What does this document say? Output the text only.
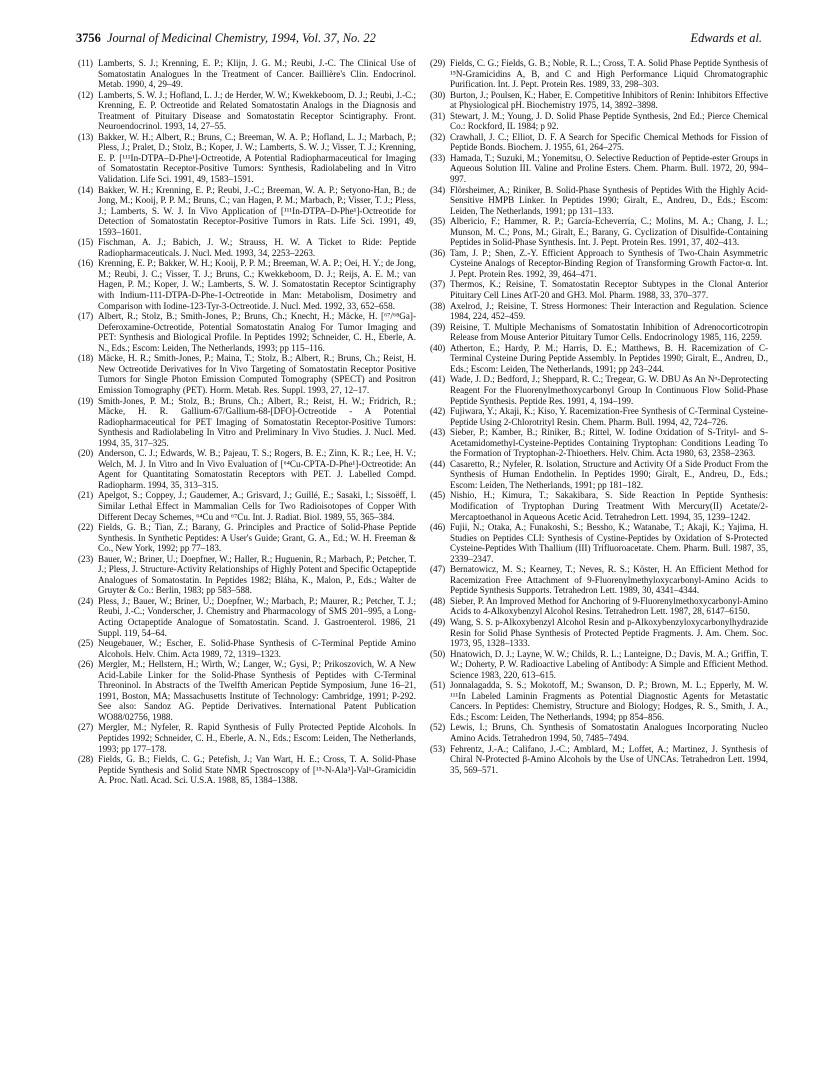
3756 Journal of Medicinal Chemistry, 1994, Vol. 37, No. 22	Edwards et al.
(11) Lamberts, S. J.; Krenning, E. P.; Klijn, J. G. M.; Reubi, J.-C. The Clinical Use of Somatostatin Analogues In the Treatment of Cancer. Baillière's Clin. Endocrinol. Metab. 1990, 4, 29–49.
(12) Lamberts, S. W. J.; Hofland, L. J.; de Herder, W. W.; Kwekkeboom, D. J.; Reubi, J.-C.; Krenning, E. P. Octreotide and Related Somatostatin Analogs in the Diagnosis and Treatment of Pituitary Disease and Somatostatin Receptor Scintigraphy. Front. Neuroendocrinol. 1993, 14, 27–55.
(13) Bakker, W. H.; Albert, R.; Bruns, C.; Breeman, W. A. P.; Hofland, L. J.; Marbach, P.; Pless, J.; Pralet, D.; Stolz, B.; Koper, J. W.; Lamberts, S. W. J.; Visser, T. J.; Krenning, E. P. [¹¹¹In-DTPA–D-Phe¹]-Octreotide, A Potential Radiopharmaceutical for Imaging of Somatostatin Receptor-Positive Tumors: Synthesis, Radiolabeling and In Vitro Validation. Life Sci. 1991, 49, 1583–1591.
(14) Bakker, W. H.; Krenning, E. P.; Reubi, J.-C.; Breeman, W. A. P.; Setyono-Han, B.; de Jong, M.; Kooij, P. P. M.; Bruns, C.; van Hagen, P. M.; Marbach, P.; Visser, T. J.; Pless, J.; Lamberts, S. W. J. In Vivo Application of [¹¹¹In-DTPA–D-Phe¹]-Octreotide for Detection of Somatostatin Receptor-Positive Tumors in Rats. Life Sci. 1991, 49, 1593–1601.
(15) Fischman, A. J.; Babich, J. W.; Strauss, H. W. A Ticket to Ride: Peptide Radiopharmaceuticals. J. Nucl. Med. 1993, 34, 2253–2263.
(16) Krenning, E. P.; Bakker, W. H.; Kooij, P. P. M.; Breeman, W. A. P.; Oei, H. Y.; de Jong, M.; Reubi, J. C.; Visser, T. J.; Bruns, C.; Kwekkeboom, D. J.; Reijs, A. E. M.; van Hagen, P. M.; Koper, J. W.; Lamberts, S. W. J. Somatostatin Receptor Scintigraphy with Indium-111-DTPA-D-Phe-1-Octreotide in Man: Metabolism, Dosimetry and Comparison with Iodine-123-Tyr-3-Octreotide. J. Nucl. Med. 1992, 33, 652–658.
(17) Albert, R.; Stolz, B.; Smith-Jones, P.; Bruns, Ch.; Knecht, H.; Mäcke, H. [⁶⁷/⁶⁸Ga]-Deferoxamine-Octreotide, Potential Somatostatin Analog For Tumor Imaging and PET: Synthesis and Biological Profile. In Peptides 1992; Schneider, C. H., Eberle, A. N., Eds.; Escom: Leiden, The Netherlands, 1993; pp 115–116.
(18) Mäcke, H. R.; Smith-Jones, P.; Maina, T.; Stolz, B.; Albert, R.; Bruns, Ch.; Reist, H. New Octreotide Derivatives for In Vivo Targeting of Somatostatin Receptor Positive Tumors for Single Photon Emission Computed Tomography (SPECT) and Positron Emission Tomography (PET). Horm. Metab. Res. Suppl. 1993, 27, 12–17.
(19) Smith-Jones, P. M.; Stolz, B.; Bruns, Ch.; Albert, R.; Reist, H. W.; Fridrich, R.; Mäcke, H. R. Gallium-67/Gallium-68-[DFO]-Octreotide - A Potential Radiopharmaceutical for PET Imaging of Somatostatin Receptor-Positive Tumors: Synthesis and Radiolabeling In Vitro and Preliminary In Vivo Studies. J. Nucl. Med. 1994, 35, 317–325.
(20) Anderson, C. J.; Edwards, W. B.; Pajeau, T. S.; Rogers, B. E.; Zinn, K. R.; Lee, H. V.; Welch, M. J. In Vitro and In Vivo Evaluation of [⁶⁴Cu-CPTA-D-Phe¹]-Octreotide: An Agent for Quantitating Somatostatin Receptors with PET. J. Labelled Compd. Radiopharm. 1994, 35, 313–315.
(21) Apelgot, S.; Coppey, J.; Gaudemer, A.; Grisvard, J.; Guillé, E.; Sasaki, I.; Sissoëff, I. Similar Lethal Effect in Mammalian Cells for Two Radioisotopes of Copper With Different Decay Schemes, ⁶⁴Cu and ⁶⁷Cu. Int. J. Radiat. Biol. 1989, 55, 365–384.
(22) Fields, G. B.; Tian, Z.; Barany, G. Principles and Practice of Solid-Phase Peptide Synthesis. In Synthetic Peptides: A User's Guide; Grant, G. A., Ed.; W. H. Freeman & Co., New York, 1992; pp 77–183.
(23) Bauer, W.; Briner, U.; Doepfner, W.; Haller, R.; Huguenin, R.; Marbach, P.; Petcher, T. J.; Pless, J. Structure-Activity Relationships of Highly Potent and Specific Octapeptide Analogues of Somatostatin. In Peptides 1982; Bláha, K., Malon, P., Eds.; Walter de Gruyter & Co.: Berlin, 1983; pp 583–588.
(24) Pless, J.; Bauer, W.; Briner, U.; Doepfner, W.; Marbach, P.; Maurer, R.; Petcher, T. J.; Reubi, J.-C.; Vonderscher, J. Chemistry and Pharmacology of SMS 201–995, a Long-Acting Octapeptide Analogue of Somatostatin. Scand. J. Gastroenterol. 1986, 21 Suppl. 119, 54–64.
(25) Neugebauer, W.; Escher, E. Solid-Phase Synthesis of C-Terminal Peptide Amino Alcohols. Helv. Chim. Acta 1989, 72, 1319–1323.
(26) Mergler, M.; Hellstern, H.; Wirth, W.; Langer, W.; Gysi, P.; Prikoszovich, W. A New Acid-Labile Linker for the Solid-Phase Synthesis of Peptides with C-Terminal Threoninol. In Abstracts of the Twelfth American Peptide Symposium, June 16–21, 1991, Boston, MA; Massachusetts Institute of Technology: Cambridge, 1991; P-292. See also: Sandoz AG. Peptide Derivatives. International Patent Publication WO88/02756, 1988.
(27) Mergler, M.; Nyfeler, R. Rapid Synthesis of Fully Protected Peptide Alcohols. In Peptides 1992; Schneider, C. H., Eberle, A. N., Eds.; Escom: Leiden, The Netherlands, 1993; pp 177–178.
(28) Fields, G. B.; Fields, C. G.; Petefish, J.; Van Wart, H. E.; Cross, T. A. Solid-Phase Peptide Synthesis and Solid State NMR Spectroscopy of [¹⁵-N-Ala³]-Val¹-Gramicidin A. Proc. Natl. Acad. Sci. U.S.A. 1988, 85, 1384–1388.
(29) Fields, C. G.; Fields, G. B.; Noble, R. L.; Cross, T. A. Solid Phase Peptide Synthesis of ¹⁵N-Gramicidins A, B, and C and High Performance Liquid Chromatographic Purification. Int. J. Pept. Protein Res. 1989, 33, 298–303.
(30) Burton, J.; Poulsen, K.; Haber, E. Competitive Inhibitors of Renin: Inhibitors Effective at Physiological pH. Biochemistry 1975, 14, 3892–3898.
(31) Stewart, J. M.; Young, J. D. Solid Phase Peptide Synthesis, 2nd Ed.; Pierce Chemical Co.: Rockford, IL 1984; p 92.
(32) Crawhall, J. C.; Elliot, D. F. A Search for Specific Chemical Methods for Fission of Peptide Bonds. Biochem. J. 1955, 61, 264–275.
(33) Hamada, T.; Suzuki, M.; Yonemitsu, O. Selective Reduction of Peptide-ester Groups in Aqueous Solution III. Valine and Proline Esters. Chem. Pharm. Bull. 1972, 20, 994–997.
(34) Flörsheimer, A.; Riniker, B. Solid-Phase Synthesis of Peptides With the Highly Acid-Sensitive HMPB Linker. In Peptides 1990; Giralt, E., Andreu, D., Eds.; Escom: Leiden, The Netherlands, 1991; pp 131–133.
(35) Albericio, F.; Hammer, R. P.; García-Echeverría, C.; Molins, M. A.; Chang, J. L.; Munson, M. C.; Pons, M.; Giralt, E.; Barany, G. Cyclization of Disulfide-Containing Peptides in Solid-Phase Synthesis. Int. J. Pept. Protein Res. 1991, 37, 402–413.
(36) Tam, J. P.; Shen, Z.-Y. Efficient Approach to Synthesis of Two-Chain Asymmetric Cysteine Analogs of Receptor-Binding Region of Transforming Growth Factor-α. Int. J. Pept. Protein Res. 1992, 39, 464–471.
(37) Thermos, K.; Reisine, T. Somatostatin Receptor Subtypes in the Clonal Anterior Pituitary Cell Lines AtT-20 and GH3. Mol. Pharm. 1988, 33, 370–377.
(38) Axelrod, J.; Reisine, T. Stress Hormones: Their Interaction and Regulation. Science 1984, 224, 452–459.
(39) Reisine, T. Multiple Mechanisms of Somatostatin Inhibition of Adrenocorticotropin Release from Mouse Anterior Pituitary Tumor Cells. Endocrinology 1985, 116, 2259.
(40) Atherton, E.; Hardy, P. M.; Harris, D. E.; Matthews, B. H. Racemization of C-Terminal Cysteine During Peptide Assembly. In Peptides 1990; Giralt, E., Andreu, D., Eds.; Escom: Leiden, The Netherlands, 1991; pp 243–244.
(41) Wade, J. D.; Bedford, J.; Sheppard, R. C.; Tregear, G. W. DBU As An Nᵅ-Deprotecting Reagent For the Fluorenylmethoxycarbonyl Group In Continuous Flow Solid-Phase Peptide Synthesis. Peptide Res. 1991, 4, 194–199.
(42) Fujiwara, Y.; Akaji, K.; Kiso, Y. Racemization-Free Synthesis of C-Terminal Cysteine-Peptide Using 2-Chlorotrityl Resin. Chem. Pharm. Bull. 1994, 42, 724–726.
(43) Sieber, P.; Kamber, B.; Riniker, B.; Rittel, W. Iodine Oxidation of S-Trityl- and S-Acetamidomethyl-Cysteine-Peptides Containing Tryptophan: Conditions Leading To the Formation of Tryptophan-2-Thioethers. Helv. Chim. Acta 1980, 63, 2358–2363.
(44) Casaretto, R.; Nyfeler, R. Isolation, Structure and Activity Of a Side Product From the Synthesis of Human Endothelin. In Peptides 1990; Giralt, E., Andreu, D., Eds.; Escom: Leiden, The Netherlands, 1991; pp 181–182.
(45) Nishio, H.; Kimura, T.; Sakakibara, S. Side Reaction In Peptide Synthesis: Modification of Tryptophan During Treatment With Mercury(II) Acetate/2-Mercaptoethanol in Aqueous Acetic Acid. Tetrahedron Lett. 1994, 35, 1239–1242.
(46) Fujii, N.; Otaka, A.; Funakoshi, S.; Bessho, K.; Watanabe, T.; Akaji, K.; Yajima, H. Studies on Peptides CLI: Synthesis of Cystine-Peptides by Oxidation of S-Protected Cysteine-Peptides With Thallium (III) Trifluoroacetate. Chem. Pharm. Bull. 1987, 35, 2339–2347.
(47) Bernatowicz, M. S.; Kearney, T.; Neves, R. S.; Köster, H. An Efficient Method for Racemization Free Attachment of 9-Fluorenylmethyloxycarbonyl-Amino Acids to Peptide Synthesis Supports. Tetrahedron Lett. 1989, 30, 4341–4344.
(48) Sieber, P. An Improved Method for Anchoring of 9-Fluorenylmethoxycarbonyl-Amino Acids to 4-Alkoxybenzyl Alcohol Resins. Tetrahedron Lett. 1987, 28, 6147–6150.
(49) Wang, S. S. p-Alkoxybenzyl Alcohol Resin and p-Alkoxybenzyloxycarbonylhydrazide Resin for Solid Phase Synthesis of Protected Peptide Fragments. J. Am. Chem. Soc. 1973, 95, 1328–1333.
(50) Hnatowich, D. J.; Layne, W. W.; Childs, R. L.; Lanteigne, D.; Davis, M. A.; Griffin, T. W.; Doherty, P. W. Radioactive Labeling of Antibody: A Simple and Efficient Method. Science 1983, 220, 613–615.
(51) Jonnalagadda, S. S.; Mokotoff, M.; Swanson, D. P.; Brown, M. L.; Epperly, M. W. ¹¹¹In Labeled Laminin Fragments as Potential Diagnostic Agents for Metastatic Cancers. In Peptides: Chemistry, Structure and Biology; Hodges, R. S., Smith, J. A., Eds.; Escom: Leiden, The Netherlands, 1994; pp 854–856.
(52) Lewis, I.; Bruns, Ch. Synthesis of Somatostatin Analogues Incorporating Nucleo Amino Acids. Tetrahedron 1994, 50, 7485–7494.
(53) Fehrentz, J.-A.; Califano, J.-C.; Amblard, M.; Loffet, A.; Martinez, J. Synthesis of Chiral N-Protected β-Amino Alcohols by the Use of UNCAs. Tetrahedron Lett. 1994, 35, 569–571.
